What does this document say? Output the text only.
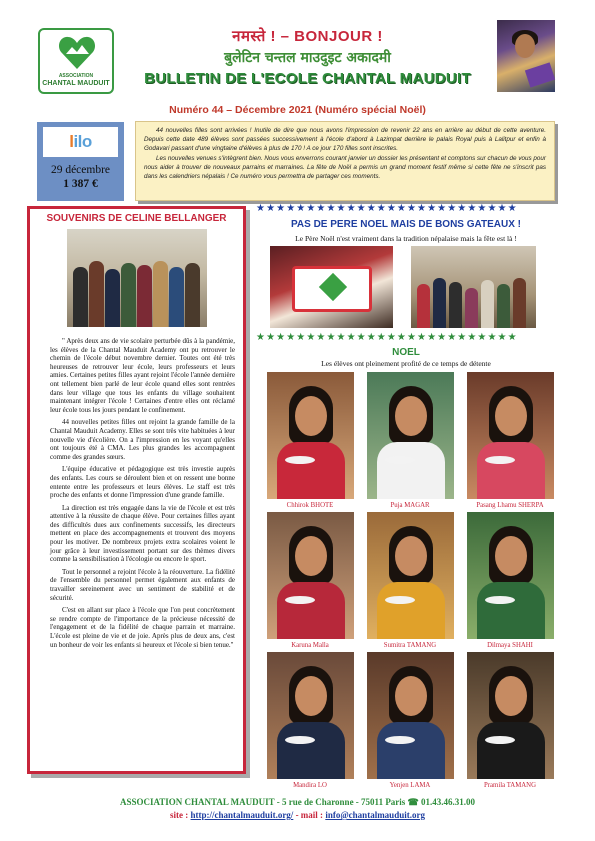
ASSOCIATION
CHANTAL MAUDUIT
नमस्ते ! – BONJOUR !
बुलेटिन चन्तल माउदुइट अकादमी
BULLETIN DE L'ECOLE CHANTAL MAUDUIT
Numéro 44 – Décembre 2021 (Numéro spécial Noël)
lilo
29 décembre
1 387 €

44 nouvelles filles sont arrivées ! Inutile de dire que nous avons l'impression de revenir 22 ans en arrière au début de cette aventure. Depuis cette date 489 élèves sont passées successivement à l'école d'abord à Lazimpat derrière le palais Royal puis à Lalitpur et enfin à Godavari passant d'une vingtaine d'élèves à plus de 170 ! A ce jour 170 filles sont inscrites.

Les nouvelles venues s'intègrent bien. Nous vous enverrons courant janvier un dossier les présentant et comptons sur chacun de vous pour nous aider à trouver de nouveaux parrains et marraines. La fête de Noël a permis un grand moment festif même si cette fête ne s'inscrit pas dans les calendriers népalais ! Ce numéro vous permettra de partager ces moments.

SOUVENIRS DE CELINE BELLANGER

" Après deux ans de vie scolaire perturbée dûs à la pandémie, les élèves de la Chantal Mauduit Academy ont pu retrouver le chemin de l'école début novembre dernier. Toutes ont été très heureuses de retrouver leur école, leurs professeurs et leurs amies. Certaines petites filles ayant rejoint l'école l'année dernière ont tellement bien parlé de leur école quand elles sont rentrées dans leur village que tous les enfants du village souhaitent maintenant intégrer l'école ! Certaines d'entre elles ont réclamé leur école tous les jours pendant le confinement.

44 nouvelles petites filles ont rejoint la grande famille de la Chantal Mauduit Academy. Elles se sont très vite habituées à leur nouvelle vie d'écolière. On a l'impression en les voyant qu'elles ont toujours été à CMA. Les plus grandes les accompagnent comme des grandes sœurs.

L'équipe éducative et pédagogique est très investie auprès des enfants. Les cours se déroulent bien et on ressent une bonne entente entre les professeurs et leurs élèves. Le staff est très proche des enfants et donne l'impression d'une grande famille.

La direction est très engagée dans la vie de l'école et est très attentive à la réussite de chaque élève. Pour certaines filles ayant des difficultés dues aux confinements successifs, les directeurs mettent en place des accompagnements et trouvent des moyens pour les motiver. De nombreux projets extra scolaires voient le jour grâce à leur investissement portant sur des thèmes divers comme la sensibilisation à l'écologie ou encore le sport.

Tout le personnel a rejoint l'école à la réouverture. La fidélité de l'ensemble du personnel permet également aux enfants de travailler sereinement avec un sentiment de stabilité et de sécurité.

C'est en allant sur place à l'école que l'on peut concrètement se rendre compte de l'importance de la précieuse nécessité de l'engagement et de la fidélité de chaque parrain et marraine. L'école est pleine de vie et de joie. Après plus de deux ans, c'est un bonheur de voir les enfants si heureux et l'école si bien tenue."

★★★★★★★★★★★★★★★★★★★★★★★★★★
PAS DE PERE NOEL MAIS DE BONS GATEAUX !
Le Père Noël n'est vraiment dans la tradition népalaise mais la fête est là !
★★★★★★★★★★★★★★★★★★★★★★★★★★
NOEL
Les élèves ont pleinement profité de ce temps de détente
Chhirok BHOTE	Puja MAGAR	Pasang Lhamu SHERPA
Karuna Malla	Sumitra TAMANG	Dilmaya SHAHI
Mandira LO	Yenjen LAMA	Pramila TAMANG
ASSOCIATION CHANTAL MAUDUIT - 5 rue de Charonne - 75011 Paris ☎ 01.43.46.31.00
site : http://chantalmauduit.org/ - mail : info@chantalmauduit.org
